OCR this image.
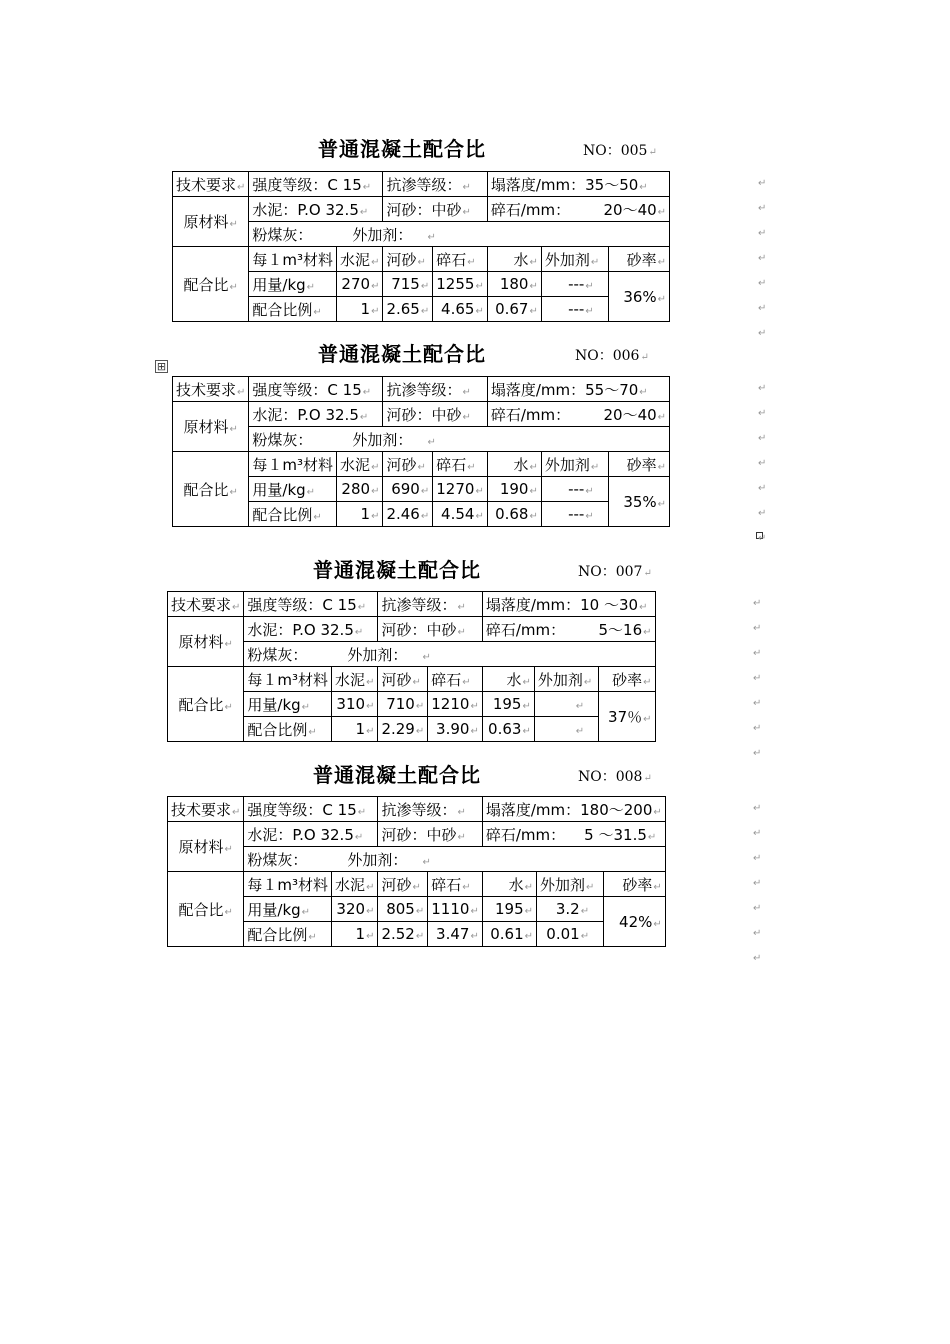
⊞
普通混凝土配合比	NO：005↵
技术要求↵	强度等级：C 15↵		抗渗等级：↵		塌落度/mm：35～50↵		
原材料↵	水泥：P.O 32.5↵		河砂：中砂↵		碎石/mm：       20～40↵		
	粉煤灰： 外加剂： ↵						
配合比↵	每１m³材料	水泥↵	河砂↵	碎石↵	水↵	外加剂↵	砂率↵
	用量/kg↵	270↵	715↵	1255↵	180↵	---↵	36%↵
	配合比例↵	1↵	2.65↵	4.65↵	0.67↵	---↵	
↵
↵
↵
↵
↵
↵
↵
普通混凝土配合比	NO：006↵
技术要求↵	强度等级：C 15↵		抗渗等级：↵		塌落度/mm：55～70↵		
原材料↵	水泥：P.O 32.5↵		河砂：中砂↵		碎石/mm：       20～40↵		
	粉煤灰： 外加剂： ↵						
配合比↵	每１m³材料	水泥↵	河砂↵	碎石↵	水↵	外加剂↵	砂率↵
	用量/kg↵	280↵	690↵	1270↵	190↵	---↵	35%↵
	配合比例↵	1↵	2.46↵	4.54↵	0.68↵	---↵	
↵
↵
↵
↵
↵
↵
↵
普通混凝土配合比	NO：007↵
技术要求↵	强度等级：C 15↵		抗渗等级：↵		塌落度/mm：10 ～30↵		
原材料↵	水泥：P.O 32.5↵		河砂：中砂↵		碎石/mm：       5～16↵		
	粉煤灰： 外加剂： ↵						
配合比↵	每１m³材料	水泥↵	河砂↵	碎石↵	水↵	外加剂↵	砂率↵
	用量/kg↵	310↵	710↵	1210↵	195↵	↵	37％↵
	配合比例↵	1↵	2.29↵	3.90↵	0.63↵	↵	
↵
↵
↵
↵
↵
↵
↵
普通混凝土配合比	NO：008↵
技术要求↵	强度等级：C 15↵		抗渗等级：↵		塌落度/mm：180～200↵		
原材料↵	水泥：P.O 32.5↵		河砂：中砂↵		碎石/mm：    5 ～31.5↵		
	粉煤灰： 外加剂： ↵						
配合比↵	每１m³材料	水泥↵	河砂↵	碎石↵	水↵	外加剂↵	砂率↵
	用量/kg↵	320↵	805↵	1110↵	195↵	3.2↵	42%↵
	配合比例↵	1↵	2.52↵	3.47↵	0.61↵	0.01↵	
↵
↵
↵
↵
↵
↵
↵
